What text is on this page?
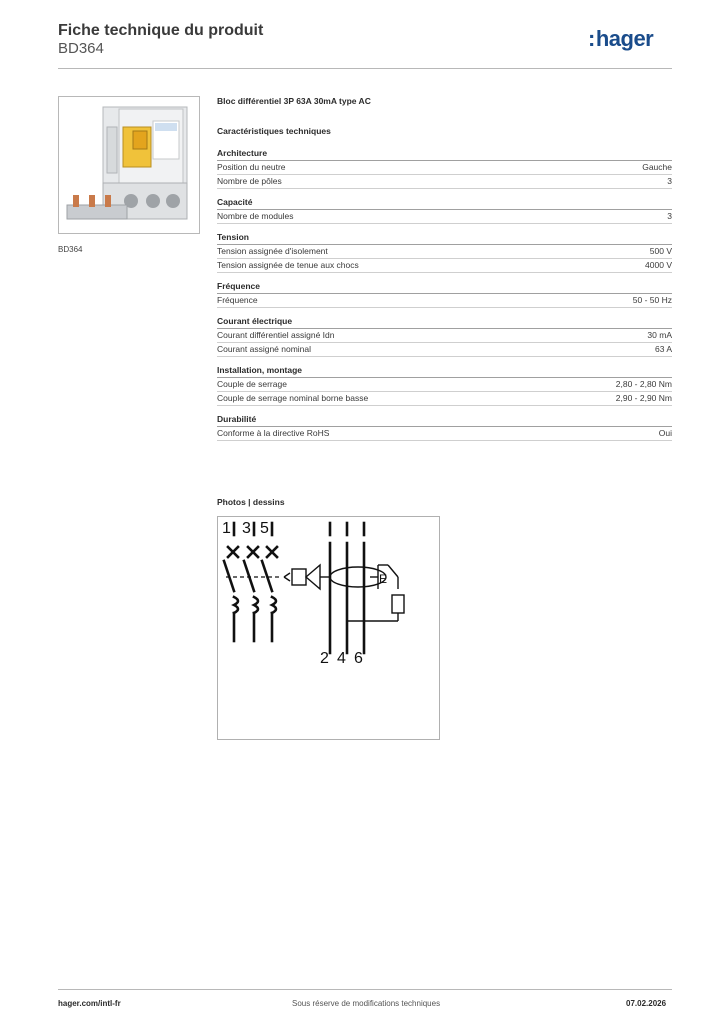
Fiche technique du produit
BD364	:hager
BD364
Bloc différentiel 3P 63A 30mA type AC
Caractéristiques techniques
Architecture
Position du neutre	Gauche
Nombre de pôles	3
Capacité
Nombre de modules	3
Tension
Tension assignée d'isolement	500 V
Tension assignée de tenue aux chocs	4000 V
Fréquence
Fréquence	50 - 50 Hz
Courant électrique
Courant différentiel assigné Idn	30 mA
Courant assigné nominal	63 A
Installation, montage
Couple de serrage	2,80 - 2,80 Nm
Couple de serrage nominal borne basse	2,90 - 2,90 Nm
Durabilité
Conforme à la directive RoHS	Oui
Photos | dessins
1 3 5
2 4 6
E
hager.com/intl-fr	Sous réserve de modifications techniques	07.02.2026
